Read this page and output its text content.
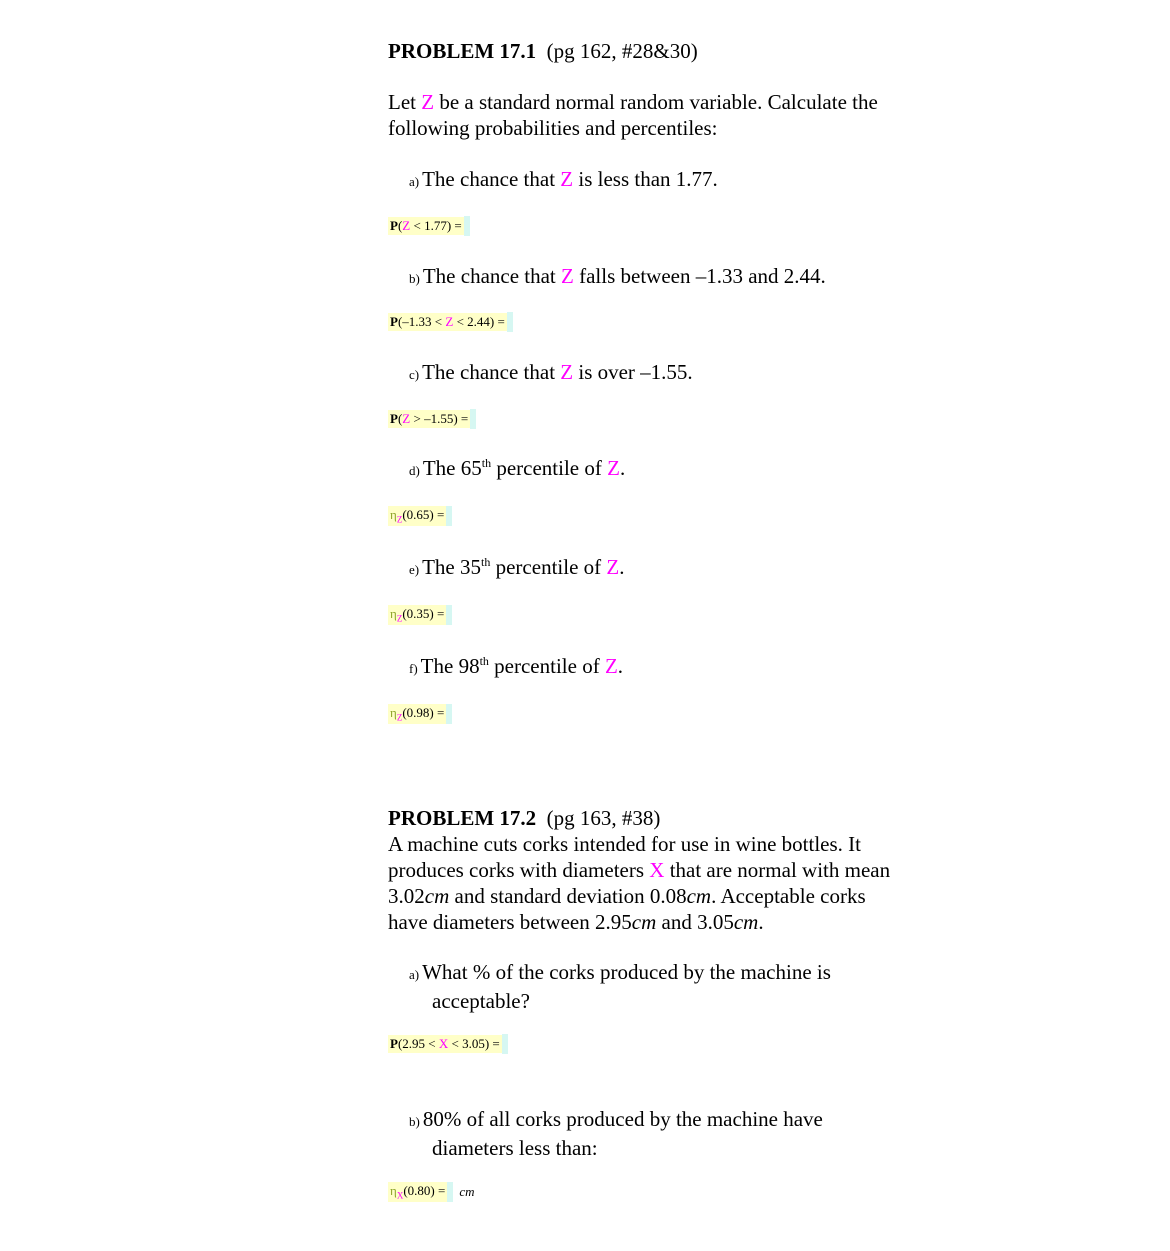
PROBLEM 17.1 (pg 162, #28&30)
Let Z be a standard normal random variable. Calculate the
following probabilities and percentiles:
a) The chance that Z is less than 1.77.
P(Z < 1.77) =
b) The chance that Z falls between –1.33 and 2.44.
P(–1.33 < Z < 2.44) =
c) The chance that Z is over –1.55.
P(Z > –1.55) =
d) The 65th percentile of Z.
$\eta_Z(0.65)$ =
e) The 35th percentile of Z.
$\eta_Z(0.35)$ =
f) The 98th percentile of Z.
$\eta_Z(0.98)$ =
PROBLEM 17.2 (pg 163, #38)
A machine cuts corks intended for use in wine bottles. It
produces corks with diameters X that are normal with mean
3.02cm and standard deviation 0.08cm. Acceptable corks
have diameters between 2.95cm and 3.05cm.
a) What % of the corks produced by the machine is
acceptable?
P(2.95 < X < 3.05) =
b) 80% of all corks produced by the machine have
diameters less than:
$\eta_X(0.80)$ = cm
